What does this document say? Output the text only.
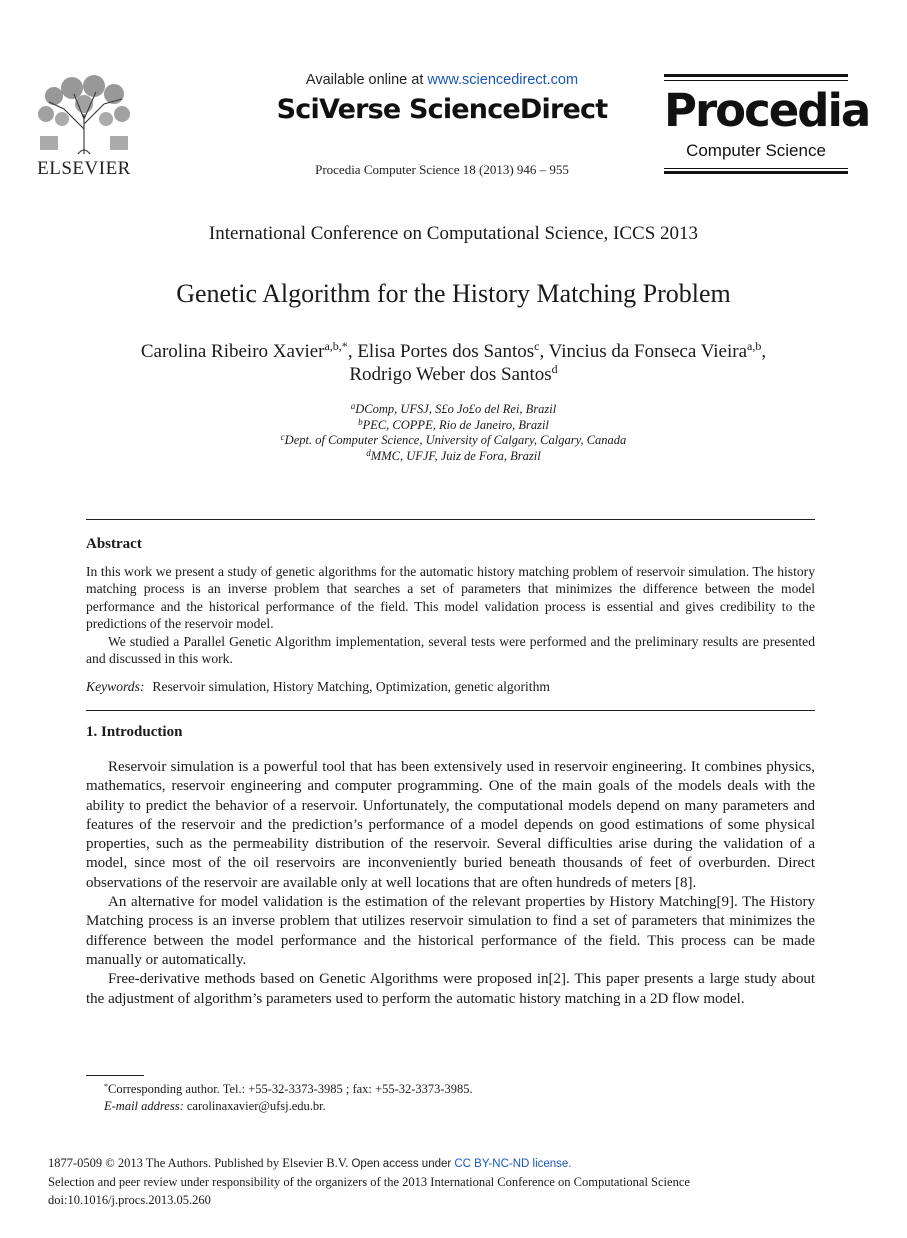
ELSEVIER
Available online at www.sciencedirect.com
SciVerse ScienceDirect
Procedia Computer Science 18 (2013) 946 – 955
Procedia
Computer Science
International Conference on Computational Science, ICCS 2013
Genetic Algorithm for the History Matching Problem
Carolina Ribeiro Xavier$^{a,b,*}$, Elisa Portes dos Santos$^c$, Vincius da Fonseca Vieira$^{a,b}$,
Rodrigo Weber dos Santos$^d$
$^a$DComp, UFSJ, S£o Jo£o del Rei, Brazil
$^b$PEC, COPPE, Rio de Janeiro, Brazil
$^c$Dept. of Computer Science, University of Calgary, Calgary, Canada
$^d$MMC, UFJF, Juiz de Fora, Brazil
Abstract

In this work we present a study of genetic algorithms for the automatic history matching problem of reservoir simulation. The history matching process is an inverse problem that searches a set of parameters that minimizes the difference between the model performance and the historical performance of the field. This model validation process is essential and gives credibility to the predictions of the reservoir model.

We studied a Parallel Genetic Algorithm implementation, several tests were performed and the preliminary results are presented and discussed in this work.

Keywords: Reservoir simulation, History Matching, Optimization, genetic algorithm
1. Introduction

Reservoir simulation is a powerful tool that has been extensively used in reservoir engineering. It combines physics, mathematics, reservoir engineering and computer programming. One of the main goals of the models deals with the ability to predict the behavior of a reservoir. Unfortunately, the computational models depend on many parameters and features of the reservoir and the prediction’s performance of a model depends on good estimations of some physical properties, such as the permeability distribution of the reservoir. Several difficulties arise during the validation of a model, since most of the oil reservoirs are inconveniently buried beneath thousands of feet of overburden. Direct observations of the reservoir are available only at well locations that are often hundreds of meters [8].

An alternative for model validation is the estimation of the relevant properties by History Matching[9]. The History Matching process is an inverse problem that utilizes reservoir simulation to find a set of parameters that minimizes the difference between the model performance and the historical performance of the field. This process can be made manually or automatically.

Free-derivative methods based on Genetic Algorithms were proposed in[2]. This paper presents a large study about the adjustment of algorithm’s parameters used to perform the automatic history matching in a 2D flow model.

*Corresponding author. Tel.: +55-32-3373-3985 ; fax: +55-32-3373-3985.
E-mail address: carolinaxavier@ufsj.edu.br.
1877-0509 © 2013 The Authors. Published by Elsevier B.V. Open access under CC BY-NC-ND license.
Selection and peer review under responsibility of the organizers of the 2013 International Conference on Computational Science
doi:10.1016/j.procs.2013.05.260
